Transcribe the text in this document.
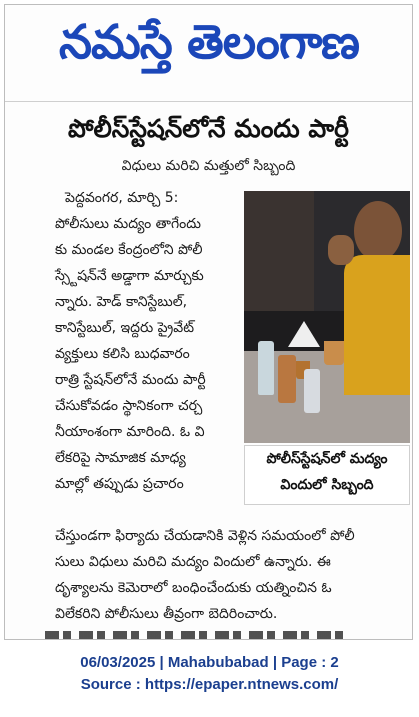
నమస్తే తెలంగాణ
పోలీస్‌స్టేషన్‌లోనే మందు పార్టీ
విధులు మరిచి మత్తులో సిబ్బంది
పెద్దవంగర, మార్చి 5:
పోలీసులు మద్యం తాగేందు
కు మండల కేంద్రంలోని పోలీ
స్స్టేషన్‌నే అడ్డాగా మార్చుకు
న్నారు. హెడ్ కానిస్టేబుల్,
కానిస్టేబుల్, ఇద్దరు ప్రైవేట్
వ్యక్తులు కలిసి బుధవారం
రాత్రి స్టేషన్‌లోనే మందు పార్టీ
చేసుకోవడం స్థానికంగా చర్చ
నీయాంశంగా మారింది. ఓ వి
లేకరిపై సామాజిక మాధ్య
మాల్లో తప్పుడు ప్రచారం
పోలీస్‌స్టేషన్‌లో మద్యం
విందులో సిబ్బంది
చేస్తుండగా ఫిర్యాదు చేయడానికి వెళ్లిన సమయంలో పోలీ
సులు విధులు మరిచి మద్యం విందులో ఉన్నారు. ఈ
దృశ్యాలను కెమెరాలో బంధించేందుకు యత్నించిన ఓ
విలేకరిని పోలీసులు తీవ్రంగా బెదిరించారు.
06/03/2025 | Mahabubabad | Page : 2
Source : https://epaper.ntnews.com/
